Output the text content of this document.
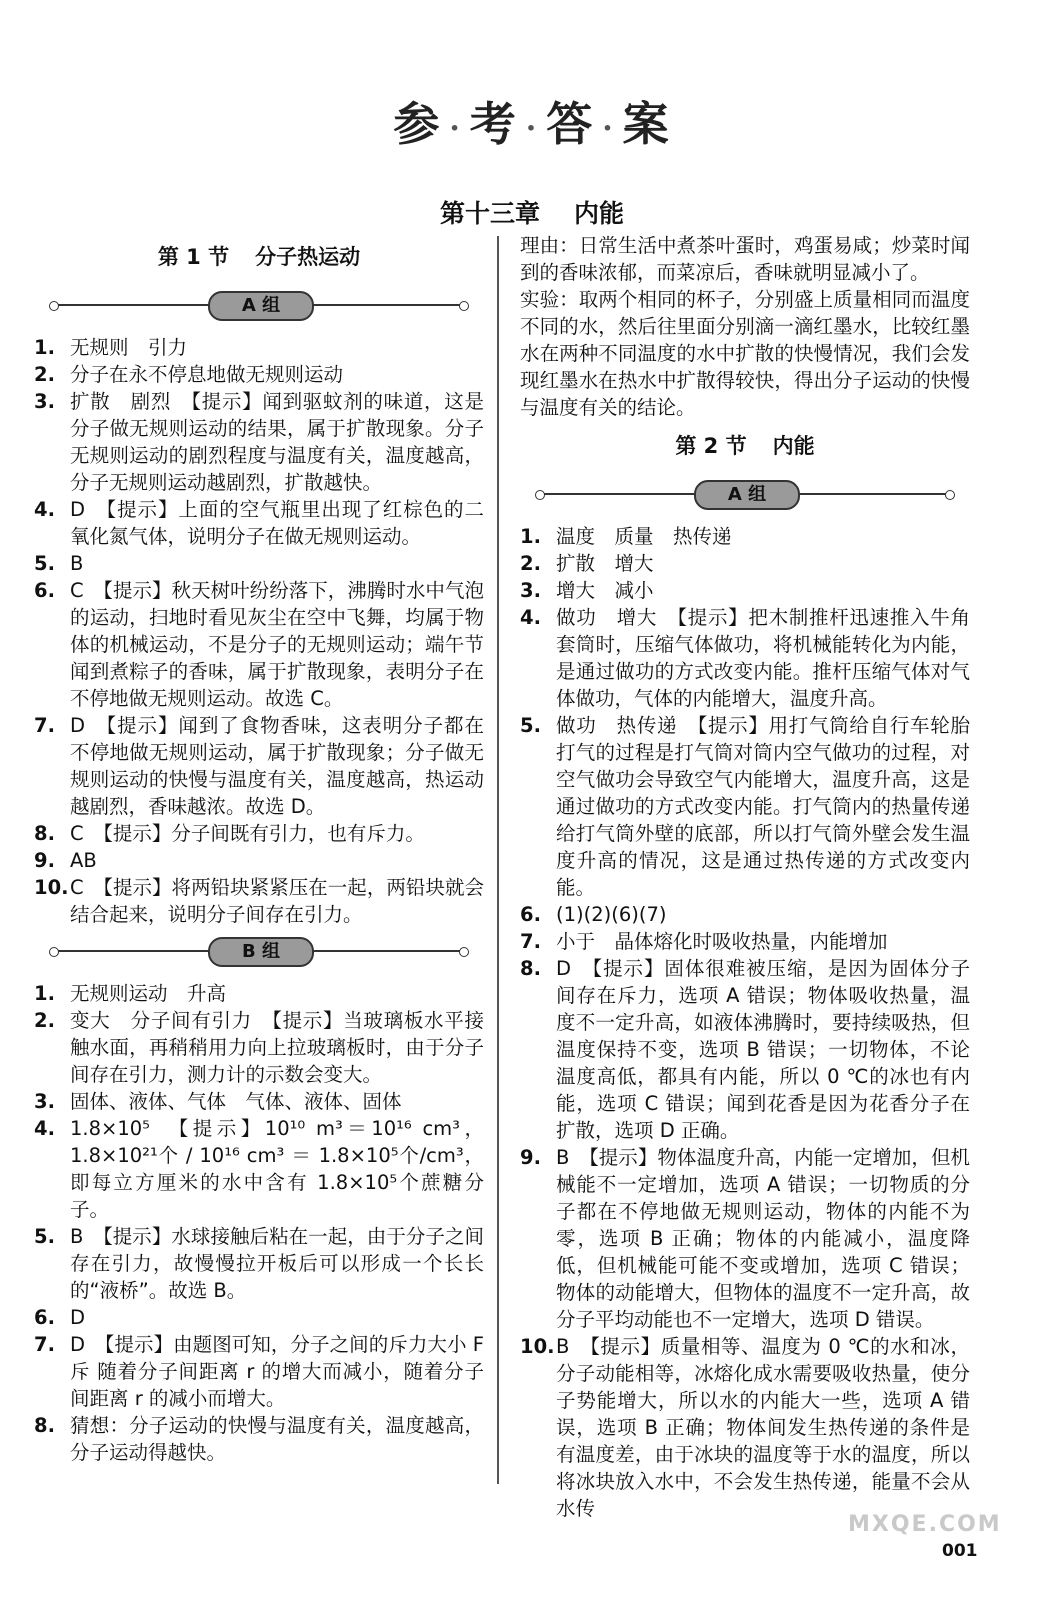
参 · 考 · 答 · 案
第十三章 内能
第 1 节 分子热运动
A 组
1. 无规则　引力
2. 分子在永不停息地做无规则运动
3. 扩散　剧烈　【提示】闻到驱蚊剂的味道，这是分子做无规则运动的结果，属于扩散现象。分子无规则运动的剧烈程度与温度有关，温度越高，分子无规则运动越剧烈，扩散越快。
4. D　【提示】上面的空气瓶里出现了红棕色的二氧化氮气体，说明分子在做无规则运动。
5. B
6. C　【提示】秋天树叶纷纷落下，沸腾时水中气泡的运动，扫地时看见灰尘在空中飞舞，均属于物体的机械运动，不是分子的无规则运动；端午节闻到煮粽子的香味，属于扩散现象，表明分子在不停地做无规则运动。故选 C。
7. D　【提示】闻到了食物香味，这表明分子都在不停地做无规则运动，属于扩散现象；分子做无规则运动的快慢与温度有关，温度越高，热运动越剧烈，香味越浓。故选 D。
8. C　【提示】分子间既有引力，也有斥力。
9. AB
10. C　【提示】将两铅块紧紧压在一起，两铅块就会结合起来，说明分子间存在引力。
B 组
1. 无规则运动　升高
2. 变大　分子间有引力　【提示】当玻璃板水平接触水面，再稍稍用力向上拉玻璃板时，由于分子间存在引力，测力计的示数会变大。
3. 固体、液体、气体　气体、液体、固体
4. 1.8×10⁵　【提示】10¹⁰ m³＝10¹⁶ cm³，1.8×10²¹个 / 10¹⁶ cm³ ＝ 1.8×10⁵个/cm³，即每立方厘米的水中含有 1.8×10⁵个蔗糖分子。
5. B　【提示】水球接触后粘在一起，由于分子之间存在引力，故慢慢拉开板后可以形成一个长长的“液桥”。故选 B。
6. D
7. D　【提示】由题图可知，分子之间的斥力大小 F斥 随着分子间距离 r 的增大而减小，随着分子间距离 r 的减小而增大。
8. 猜想：分子运动的快慢与温度有关，温度越高，分子运动得越快。
理由：日常生活中煮茶叶蛋时，鸡蛋易咸；炒菜时闻到的香味浓郁，而菜凉后，香味就明显减小了。
实验：取两个相同的杯子，分别盛上质量相同而温度不同的水，然后往里面分别滴一滴红墨水，比较红墨水在两种不同温度的水中扩散的快慢情况，我们会发现红墨水在热水中扩散得较快，得出分子运动的快慢与温度有关的结论。
第 2 节 内能
A 组
1. 温度　质量　热传递
2. 扩散　增大
3. 增大　减小
4. 做功　增大　【提示】把木制推杆迅速推入牛角套筒时，压缩气体做功，将机械能转化为内能，是通过做功的方式改变内能。推杆压缩气体对气体做功，气体的内能增大，温度升高。
5. 做功　热传递　【提示】用打气筒给自行车轮胎打气的过程是打气筒对筒内空气做功的过程，对空气做功会导致空气内能增大，温度升高，这是通过做功的方式改变内能。打气筒内的热量传递给打气筒外壁的底部，所以打气筒外壁会发生温度升高的情况，这是通过热传递的方式改变内能。
6. (1)(2)(6)(7)
7. 小于　晶体熔化时吸收热量，内能增加
8. D　【提示】固体很难被压缩，是因为固体分子间存在斥力，选项 A 错误；物体吸收热量，温度不一定升高，如液体沸腾时，要持续吸热，但温度保持不变，选项 B 错误；一切物体，不论温度高低，都具有内能，所以 0 ℃的冰也有内能，选项 C 错误；闻到花香是因为花香分子在扩散，选项 D 正确。
9. B　【提示】物体温度升高，内能一定增加，但机械能不一定增加，选项 A 错误；一切物质的分子都在不停地做无规则运动，物体的内能不为零，选项 B 正确；物体的内能减小，温度降低，但机械能可能不变或增加，选项 C 错误；物体的动能增大，但物体的温度不一定升高，故分子平均动能也不一定增大，选项 D 错误。
10. B　【提示】质量相等、温度为 0 ℃的水和冰，分子动能相等，冰熔化成水需要吸收热量，使分子势能增大，所以水的内能大一些，选项 A 错误，选项 B 正确；物体间发生热传递的条件是有温度差，由于冰块的温度等于水的温度，所以将冰块放入水中，不会发生热传递，能量不会从水传
MXQE.COM
001
